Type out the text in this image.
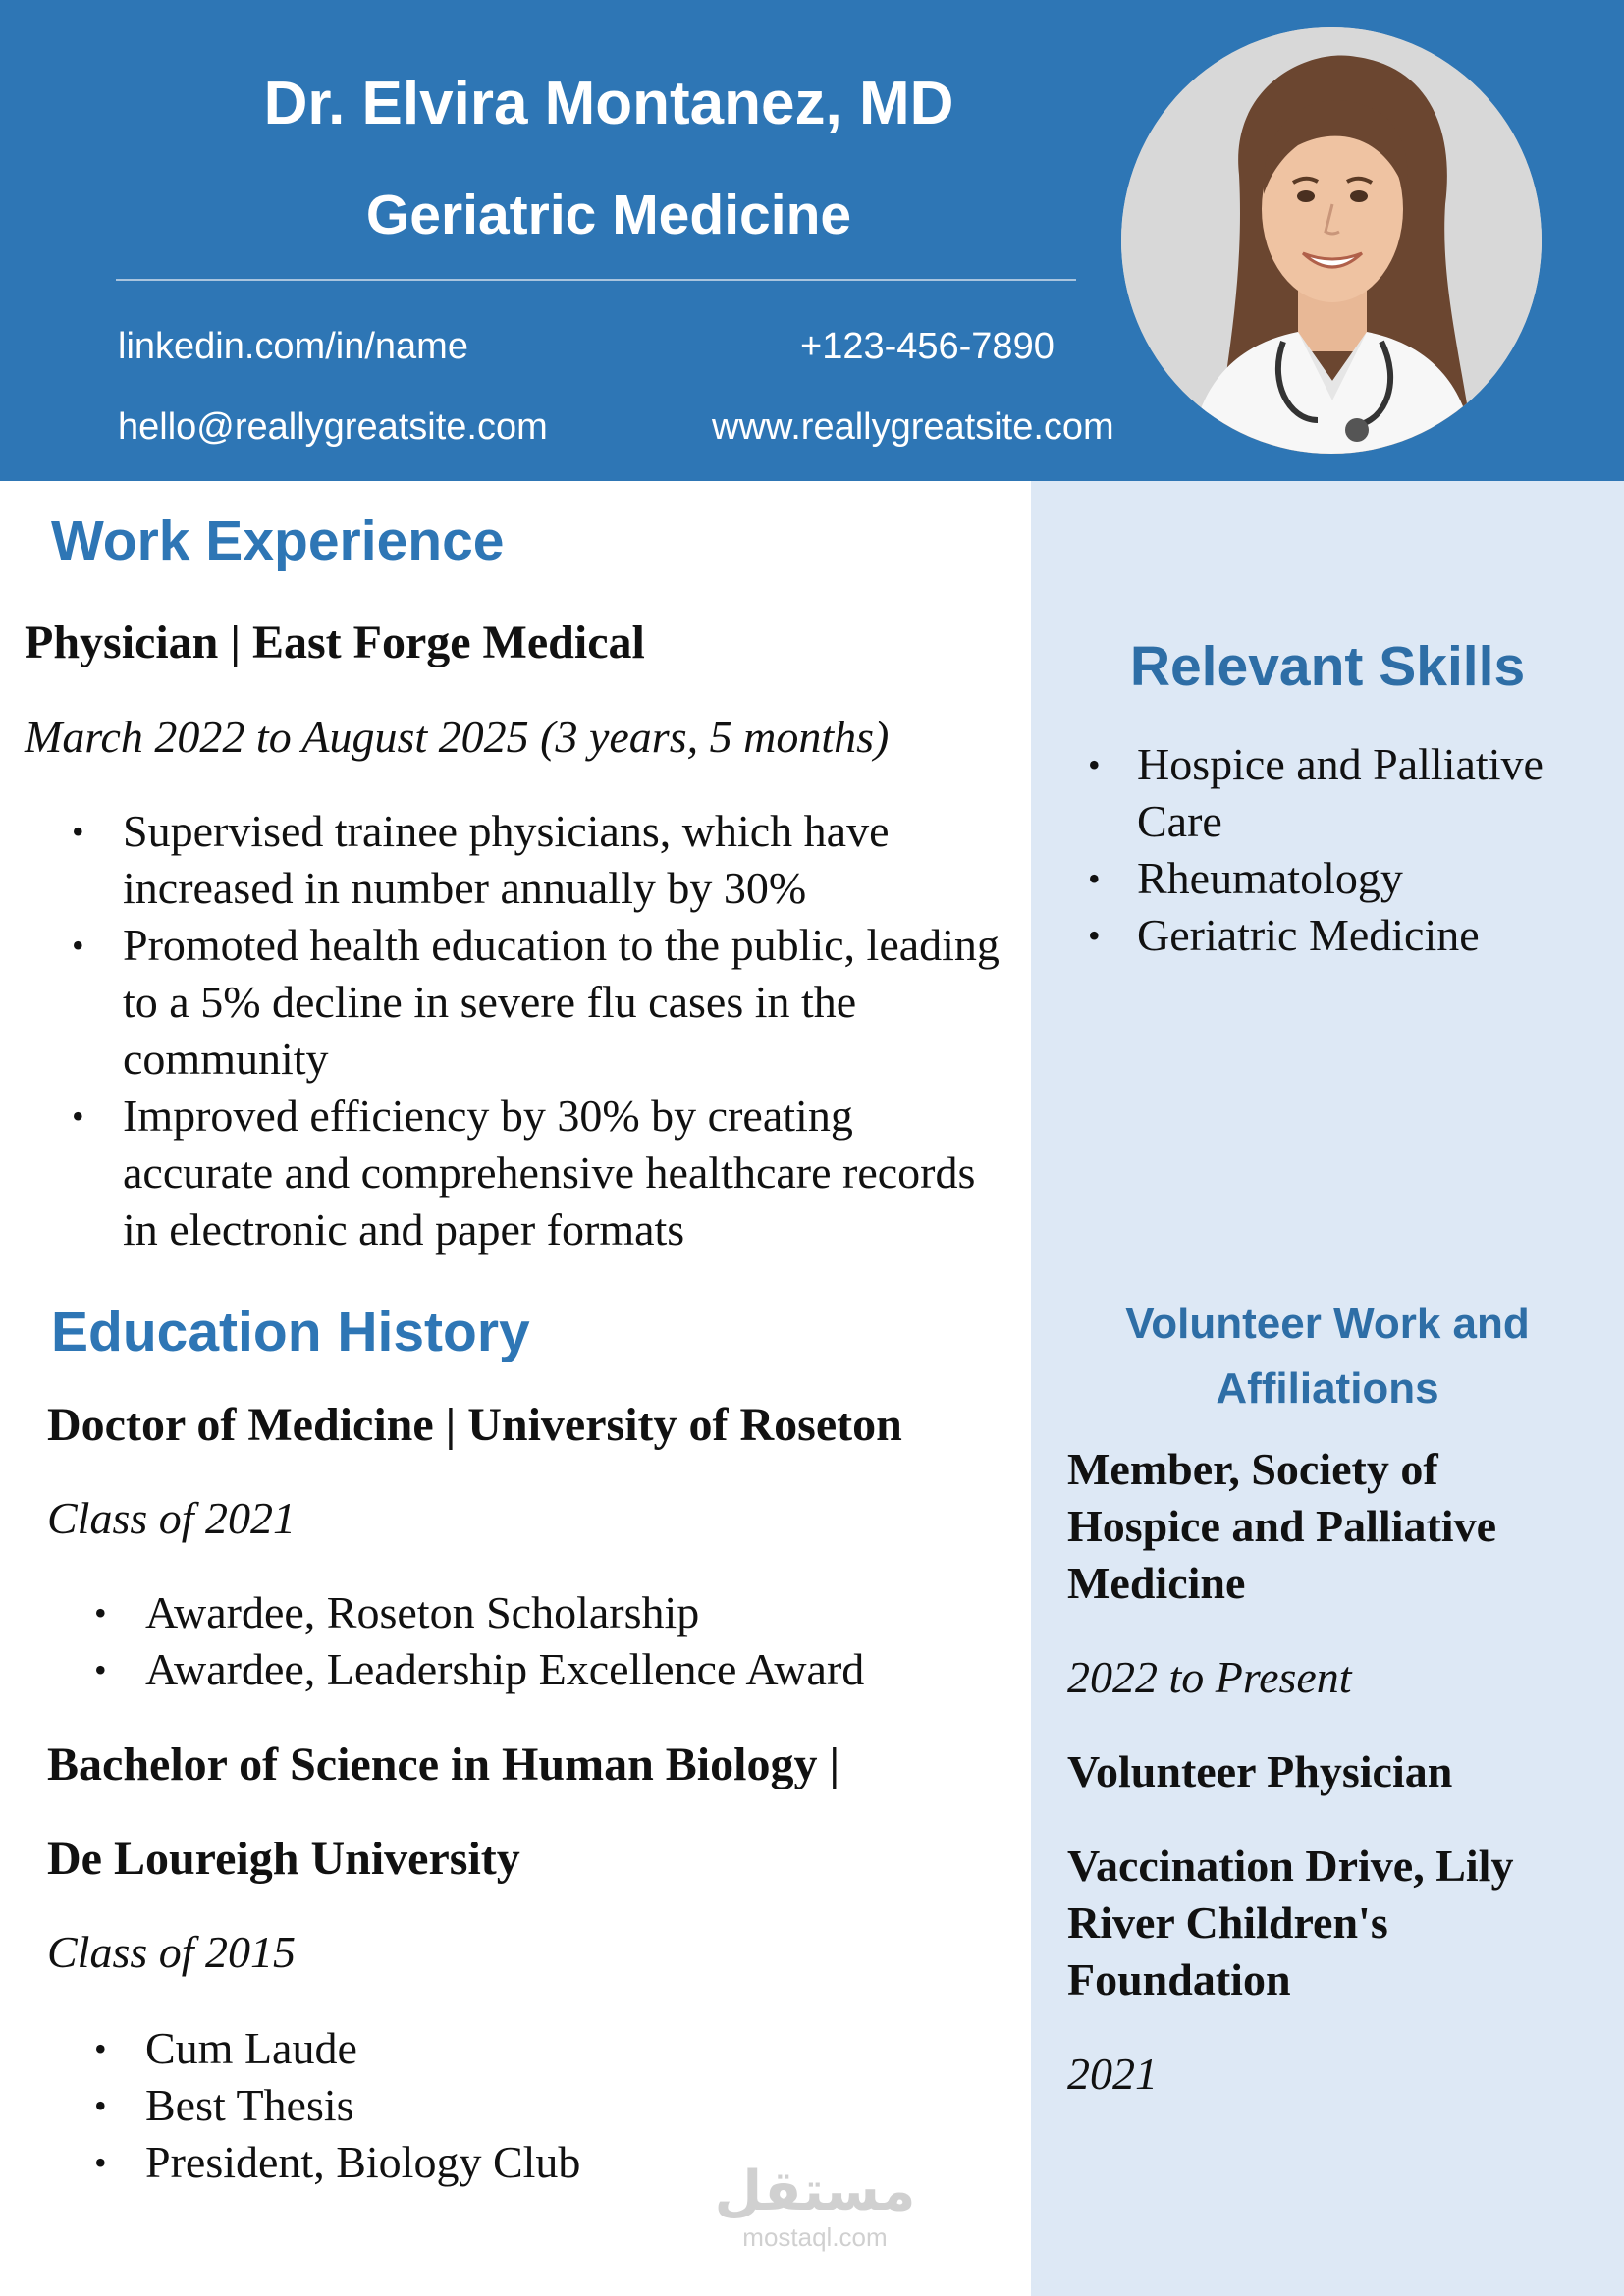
Dr. Elvira Montanez, MD
Geriatric Medicine
linkedin.com/in/name	+123-456-7890
hello@reallygreatsite.com	www.reallygreatsite.com
Relevant Skills
• Hospice and Palliative Care
• Rheumatology
• Geriatric Medicine
Volunteer Work and Affiliations
Member, Society of Hospice and Palliative Medicine
2022 to Present
Volunteer Physician
Vaccination Drive, Lily River Children's Foundation
2021
Work Experience
Physician | East Forge Medical
March 2022 to August 2025 (3 years, 5 months)
• Supervised trainee physicians, which have increased in number annually by 30%
• Promoted health education to the public, leading to a 5% decline in severe flu cases in the community
• Improved efficiency by 30% by creating accurate and comprehensive healthcare records in electronic and paper formats
Education History
Doctor of Medicine | University of Roseton
Class of 2021
• Awardee, Roseton Scholarship
• Awardee, Leadership Excellence Award
Bachelor of Science in Human Biology |
De Loureigh University
Class of 2015
• Cum Laude
• Best Thesis
• President, Biology Club	مستقل
mostaql.com
